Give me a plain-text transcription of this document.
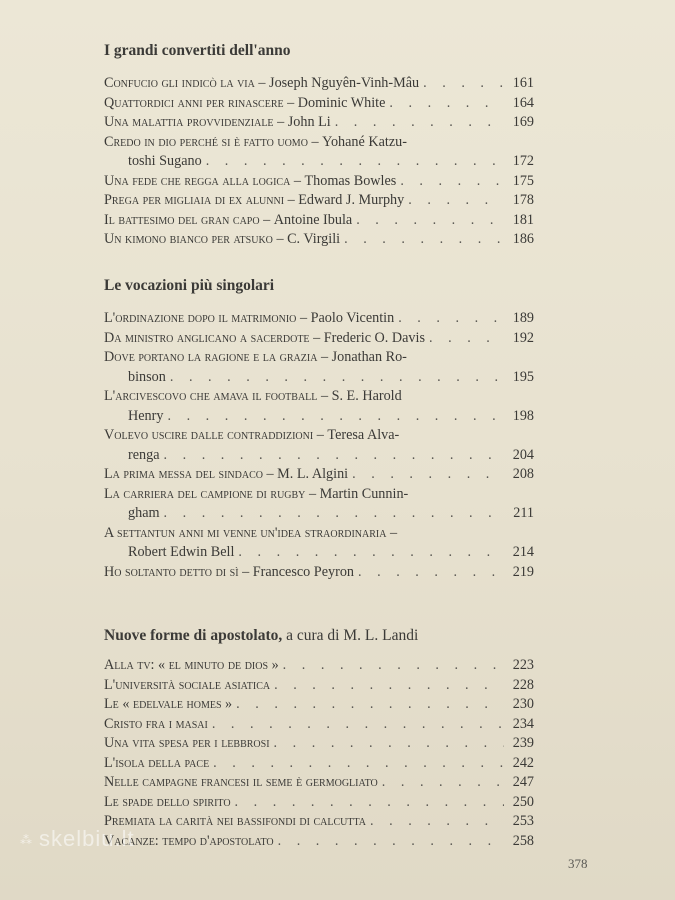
I grandi convertiti dell'anno
Confucio gli indicò la via – Joseph Nguyên-Vinh-Mâu . . .	161
Quattordici anni per rinascere – Dominic White . . .	164
Una malattia provvidenziale – John Li . . .	169
Credo in dio perché si è fatto uomo – Yohané Katzu-
toshi Sugano . . .	172
Una fede che regga alla logica – Thomas Bowles . . .	175
Prega per migliaia di ex alunni – Edward J. Murphy . . .	178
Il battesimo del gran capo – Antoine Ibula . . .	181
Un kimono bianco per atsuko – C. Virgili . . .	186
Le vocazioni più singolari
L'ordinazione dopo il matrimonio – Paolo Vicentin . . .	189
Da ministro anglicano a sacerdote – Frederic O. Davis . . .	192
Dove portano la ragione e la grazia – Jonathan Ro-
binson . . .	195
L'arcivescovo che amava il football – S. E. Harold
Henry . . .	198
Volevo uscire dalle contraddizioni – Teresa Alva-
renga . . .	204
La prima messa del sindaco – M. L. Algini . . .	208
La carriera del campione di rugby – Martin Cunnin-
gham . . .	211
A settantun anni mi venne un'idea straordinaria –
Robert Edwin Bell . . .	214
Ho soltanto detto di sì – Francesco Peyron . . .	219
Nuove forme di apostolato, a cura di M. L. Landi
Alla tv: « el minuto de dios » . . .	223
L'università sociale asiatica . . .	228
Le « edelvale homes » . . .	230
Cristo fra i masai . . .	234
Una vita spesa per i lebbrosi . . .	239
L'isola della pace . . .	242
Nelle campagne francesi il seme è germogliato . . .	247
Le spade dello spirito . . .	250
Premiata la carità nei bassifondi di calcutta . . .	253
Vacanze: tempo d'apostolato . . .	258
378
⁂ skelbiu.lt
